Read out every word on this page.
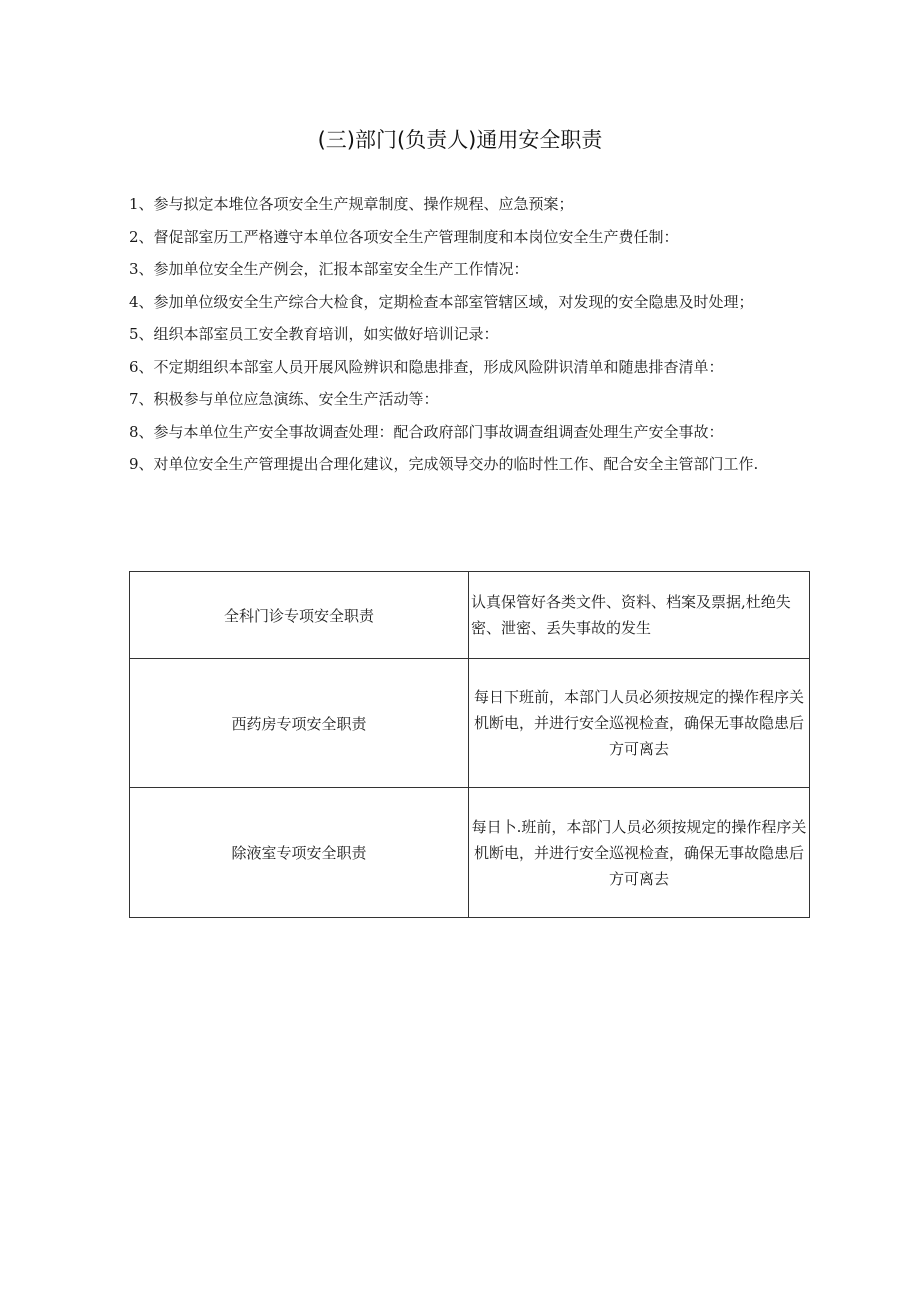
(三)部门(负责人)通用安全职责

1、参与拟定本堆位各项安全生产规章制度、操作规程、应急预案；

2、督促部室历工严格遵守本单位各项安全生产管理制度和本岗位安全生产费任制：

3、参加单位安全生产例会，汇报本部室安全生产工作情况：

4、参加单位级安全生产综合大检食，定期检查本部室管辖区域，对发现的安全隐患及时处理；

5、组织本部室员工安全教育培训，如实做好培训记录：

6、不定期组织本部室人员开展风险辨识和隐患排查，形成风险阱识清单和随患排杳清单：

7、积极参与单位应急演练、安全生产活动等：

8、参与本单位生产安全事故调查处理：配合政府部门事故调查组调查处理生产安全事故：

9、对单位安全生产管理提出合理化建议，完成领导交办的临时性工作、配合安全主管部门工作.

全科门诊专项安全职责	认真保管好各类文件、资料、档案及票据,杜绝失密、泄密、丢失事故的发生
西药房专项安全职责	每日下班前，本部门人员必须按规定的操作程序关机断电，并进行安全巡视检查，确保无事故隐患后方可离去
除液室专项安全职责	每日卜.班前，本部门人员必须按规定的操作程序关机断电，并进行安全巡视检查，确保无事故隐患后方可离去
